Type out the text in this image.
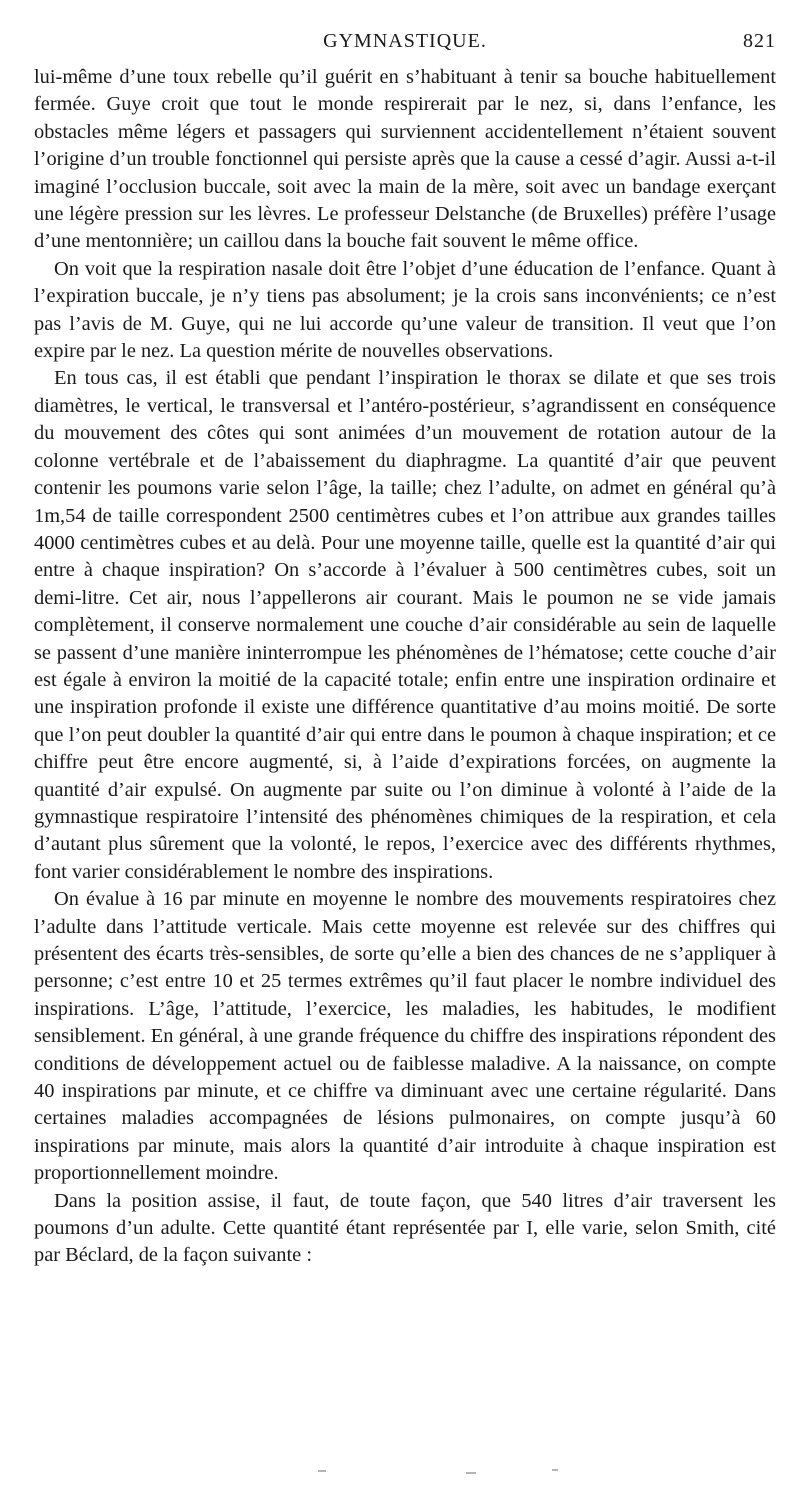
GYMNASTIQUE.	821

lui-même d’une toux rebelle qu’il guérit en s’habituant à tenir sa bouche habituellement fermée. Guye croit que tout le monde respirerait par le nez, si, dans l’enfance, les obstacles même légers et passagers qui surviennent accidentellement n’étaient souvent l’origine d’un trouble fonctionnel qui persiste après que la cause a cessé d’agir. Aussi a-t-il imaginé l’occlusion buccale, soit avec la main de la mère, soit avec un bandage exerçant une légère pression sur les lèvres. Le professeur Delstanche (de Bruxelles) préfère l’usage d’une mentonnière; un caillou dans la bouche fait souvent le même office.

On voit que la respiration nasale doit être l’objet d’une éducation de l’enfance. Quant à l’expiration buccale, je n’y tiens pas absolument; je la crois sans inconvénients; ce n’est pas l’avis de M. Guye, qui ne lui accorde qu’une valeur de transition. Il veut que l’on expire par le nez. La question mérite de nouvelles observations.

En tous cas, il est établi que pendant l’inspiration le thorax se dilate et que ses trois diamètres, le vertical, le transversal et l’antéro-postérieur, s’agrandissent en conséquence du mouvement des côtes qui sont animées d’un mouvement de rotation autour de la colonne vertébrale et de l’abaissement du diaphragme. La quantité d’air que peuvent contenir les poumons varie selon l’âge, la taille; chez l’adulte, on admet en général qu’à 1m,54 de taille correspondent 2500 centimètres cubes et l’on attribue aux grandes tailles 4000 centimètres cubes et au delà. Pour une moyenne taille, quelle est la quantité d’air qui entre à chaque inspiration? On s’accorde à l’évaluer à 500 centimètres cubes, soit un demi-litre. Cet air, nous l’appellerons air courant. Mais le poumon ne se vide jamais complètement, il conserve normalement une couche d’air considérable au sein de laquelle se passent d’une manière ininterrompue les phénomènes de l’hématose; cette couche d’air est égale à environ la moitié de la capacité totale; enfin entre une inspiration ordinaire et une inspiration profonde il existe une différence quantitative d’au moins moitié. De sorte que l’on peut doubler la quantité d’air qui entre dans le poumon à chaque inspiration; et ce chiffre peut être encore augmenté, si, à l’aide d’expirations forcées, on augmente la quantité d’air expulsé. On augmente par suite ou l’on diminue à volonté à l’aide de la gymnastique respiratoire l’intensité des phénomènes chimiques de la respiration, et cela d’autant plus sûrement que la volonté, le repos, l’exercice avec des différents rhythmes, font varier considérablement le nombre des inspirations.

On évalue à 16 par minute en moyenne le nombre des mouvements respiratoires chez l’adulte dans l’attitude verticale. Mais cette moyenne est relevée sur des chiffres qui présentent des écarts très-sensibles, de sorte qu’elle a bien des chances de ne s’appliquer à personne; c’est entre 10 et 25 termes extrêmes qu’il faut placer le nombre individuel des inspirations. L’âge, l’attitude, l’exercice, les maladies, les habitudes, le modifient sensiblement. En général, à une grande fréquence du chiffre des inspirations répondent des conditions de développement actuel ou de faiblesse maladive. A la naissance, on compte 40 inspirations par minute, et ce chiffre va diminuant avec une certaine régularité. Dans certaines maladies accompagnées de lésions pulmonaires, on compte jusqu’à 60 inspirations par minute, mais alors la quantité d’air introduite à chaque inspiration est proportionnellement moindre.

Dans la position assise, il faut, de toute façon, que 540 litres d’air traversent les poumons d’un adulte. Cette quantité étant représentée par I, elle varie, selon Smith, cité par Béclard, de la façon suivante :
